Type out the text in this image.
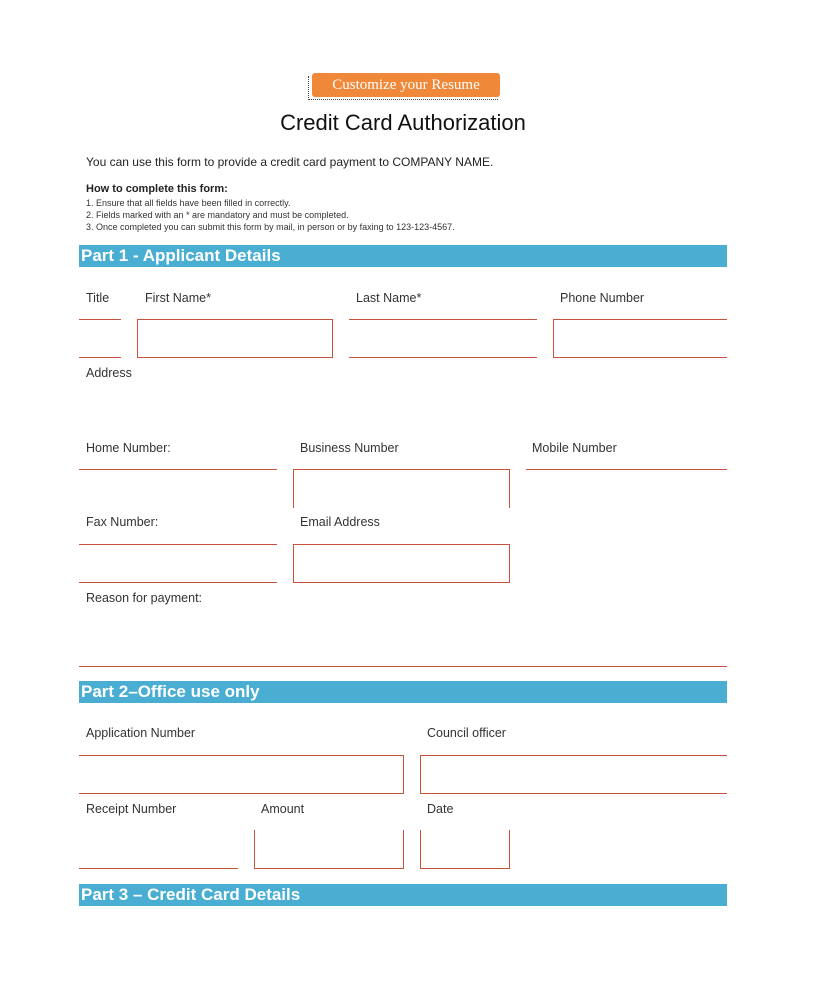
Customize your Resume
Credit Card Authorization
You can use this form to provide a credit card payment to COMPANY NAME.
How to complete this form:
1. Ensure that all fields have been filled in correctly.
2. Fields marked with an * are mandatory and must be completed.
3. Once completed you can submit this form by mail, in person or by faxing to 123-123-4567.
Part 1 - Applicant Details
Title	First Name*	Last Name*	Phone Number
Address
Home Number:	Business Number	Mobile Number
Fax Number:	Email Address
Reason for payment:
Part 2–Office use only
Application Number	Council officer
Receipt Number	Amount	Date
Part 3 – Credit Card Details
